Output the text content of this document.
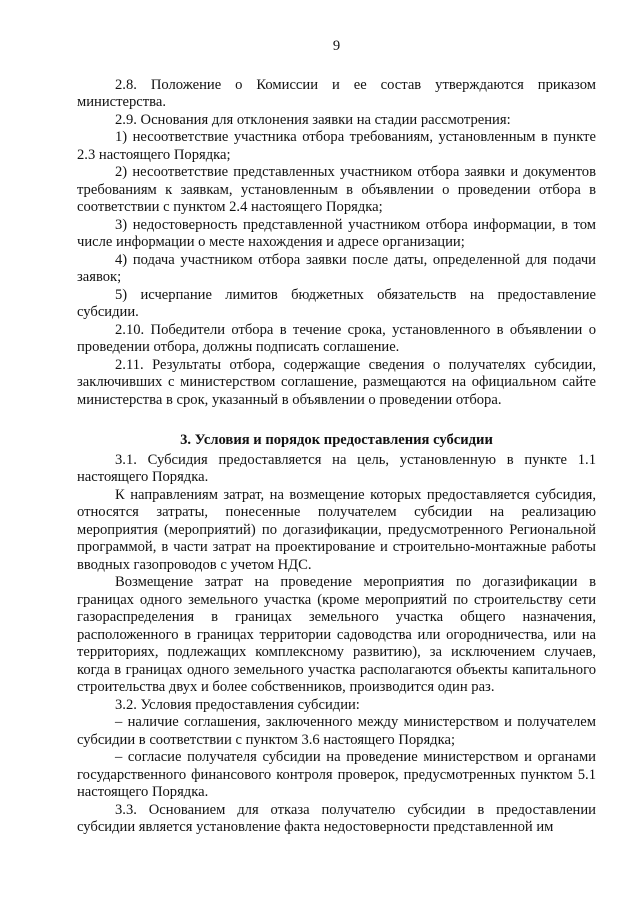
9

2.8. Положение о Комиссии и ее состав утверждаются приказом министерства.

2.9. Основания для отклонения заявки на стадии рассмотрения:

1) несоответствие участника отбора требованиям, установленным в пункте 2.3 настоящего Порядка;

2) несоответствие представленных участником отбора заявки и документов требованиям к заявкам, установленным в объявлении о проведении отбора в соответствии с пунктом 2.4 настоящего Порядка;

3) недостоверность представленной участником отбора информации, в том числе информации о месте нахождения и адресе организации;

4) подача участником отбора заявки после даты, определенной для подачи заявок;

5) исчерпание лимитов бюджетных обязательств на предоставление субсидии.

2.10. Победители отбора в течение срока, установленного в объявлении о проведении отбора, должны подписать соглашение.

2.11. Результаты отбора, содержащие сведения о получателях субсидии, заключивших с министерством соглашение, размещаются на официальном сайте министерства в срок, указанный в объявлении о проведении отбора.

3. Условия и порядок предоставления субсидии

3.1. Субсидия предоставляется на цель, установленную в пункте 1.1 настоящего Порядка.

К направлениям затрат, на возмещение которых предоставляется субсидия, относятся затраты, понесенные получателем субсидии на реализацию мероприятия (мероприятий) по догазификации, предусмотренного Региональной программой, в части затрат на проектирование и строительно-монтажные работы вводных газопроводов с учетом НДС.

Возмещение затрат на проведение мероприятия по догазификации в границах одного земельного участка (кроме мероприятий по строительству сети газораспределения в границах земельного участка общего назначения, расположенного в границах территории садоводства или огородничества, или на территориях, подлежащих комплексному развитию), за исключением случаев, когда в границах одного земельного участка располагаются объекты капитального строительства двух и более собственников, производится один раз.

3.2. Условия предоставления субсидии:

– наличие соглашения, заключенного между министерством и получателем субсидии в соответствии с пунктом 3.6 настоящего Порядка;

– согласие получателя субсидии на проведение министерством и органами государственного финансового контроля проверок, предусмотренных пунктом 5.1 настоящего Порядка.

3.3. Основанием для отказа получателю субсидии в предоставлении субсидии является установление факта недостоверности представленной им
